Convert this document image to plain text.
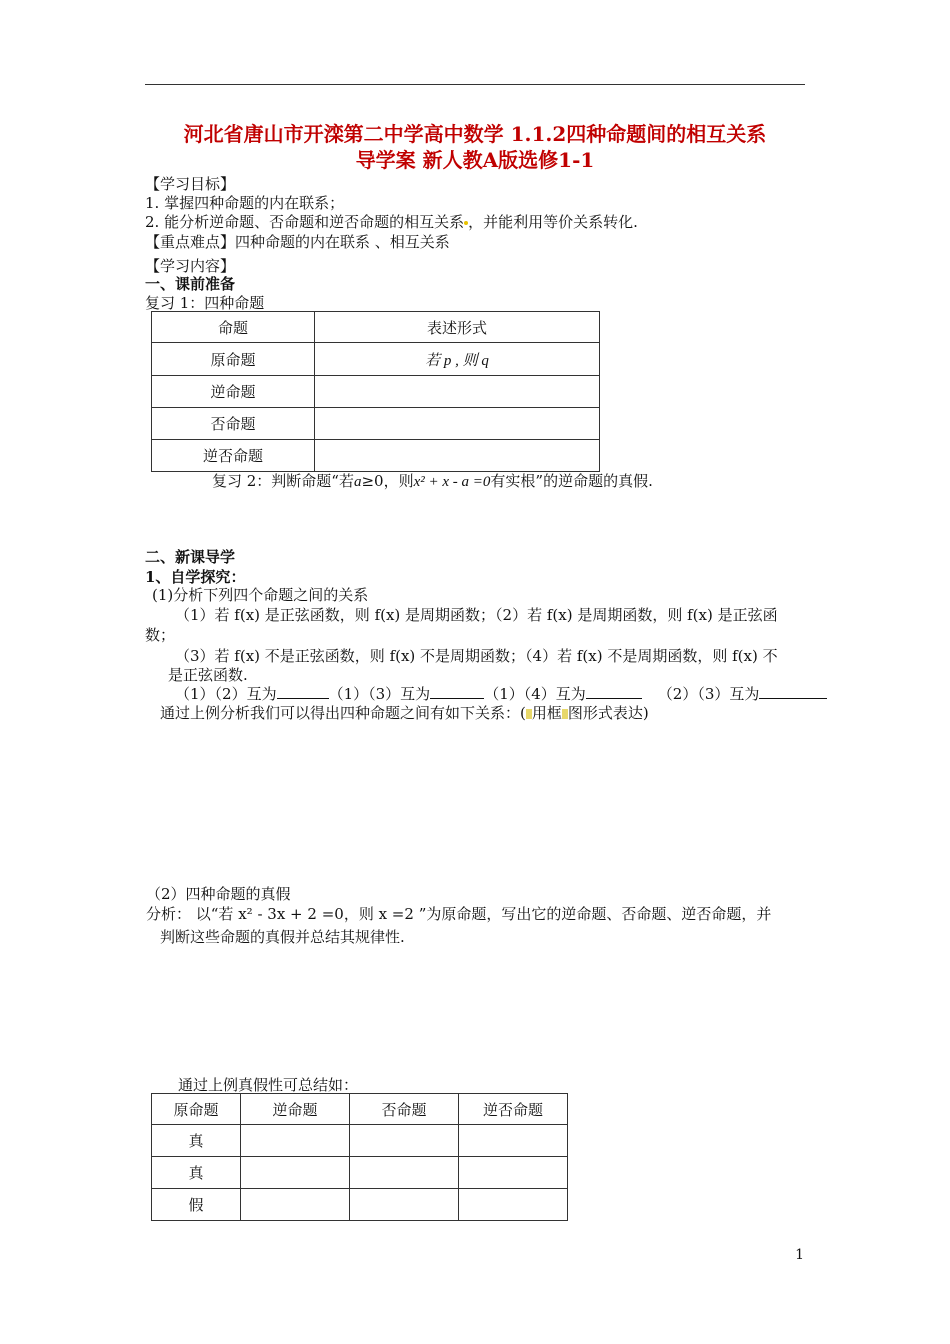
河北省唐山市开滦第二中学高中数学 1.1.2四种命题间的相互关系
导学案 新人教A版选修1-1
【学习目标】
1. 掌握四种命题的内在联系；
2. 能分析逆命题、否命题和逆否命题的相互关系 ，并能利用等价关系转化.
【重点难点】四种命题的内在联系 、相互关系
【学习内容】
一、课前准备
复习 1：四种命题
命题	表述形式
原命题	若 p , 则 q
逆命题	
否命题	
逆否命题	
复习 2：判断命题“若a≥0，则x² + x - a =0有实根”的逆命题的真假.
二、新课导学
1、自学探究：
(1)分析下列四个命题之间的关系
（1）若 f(x) 是正弦函数，则 f(x) 是周期函数；（2）若 f(x) 是周期函数，则 f(x) 是正弦函
数；
（3）若 f(x) 不是正弦函数，则 f(x) 不是周期函数；（4）若 f(x) 不是周期函数，则 f(x) 不
是正弦函数.
（1）（2）互为	（1）（3）互为	（1）（4）互为	（2）（3）互为
通过上例分析我们可以得出四种命题之间有如下关系：( 用框 图形式表达)
（2）四种命题的真假
分析： 以“若 x² - 3x + 2 =0，则 x =2 ”为原命题，写出它的逆命题、否命题、逆否命题，并
判断这些命题的真假并总结其规律性.
通过上例真假性可总结如：
原命题	逆命题	否命题	逆否命题
真			
真			
假			
1
